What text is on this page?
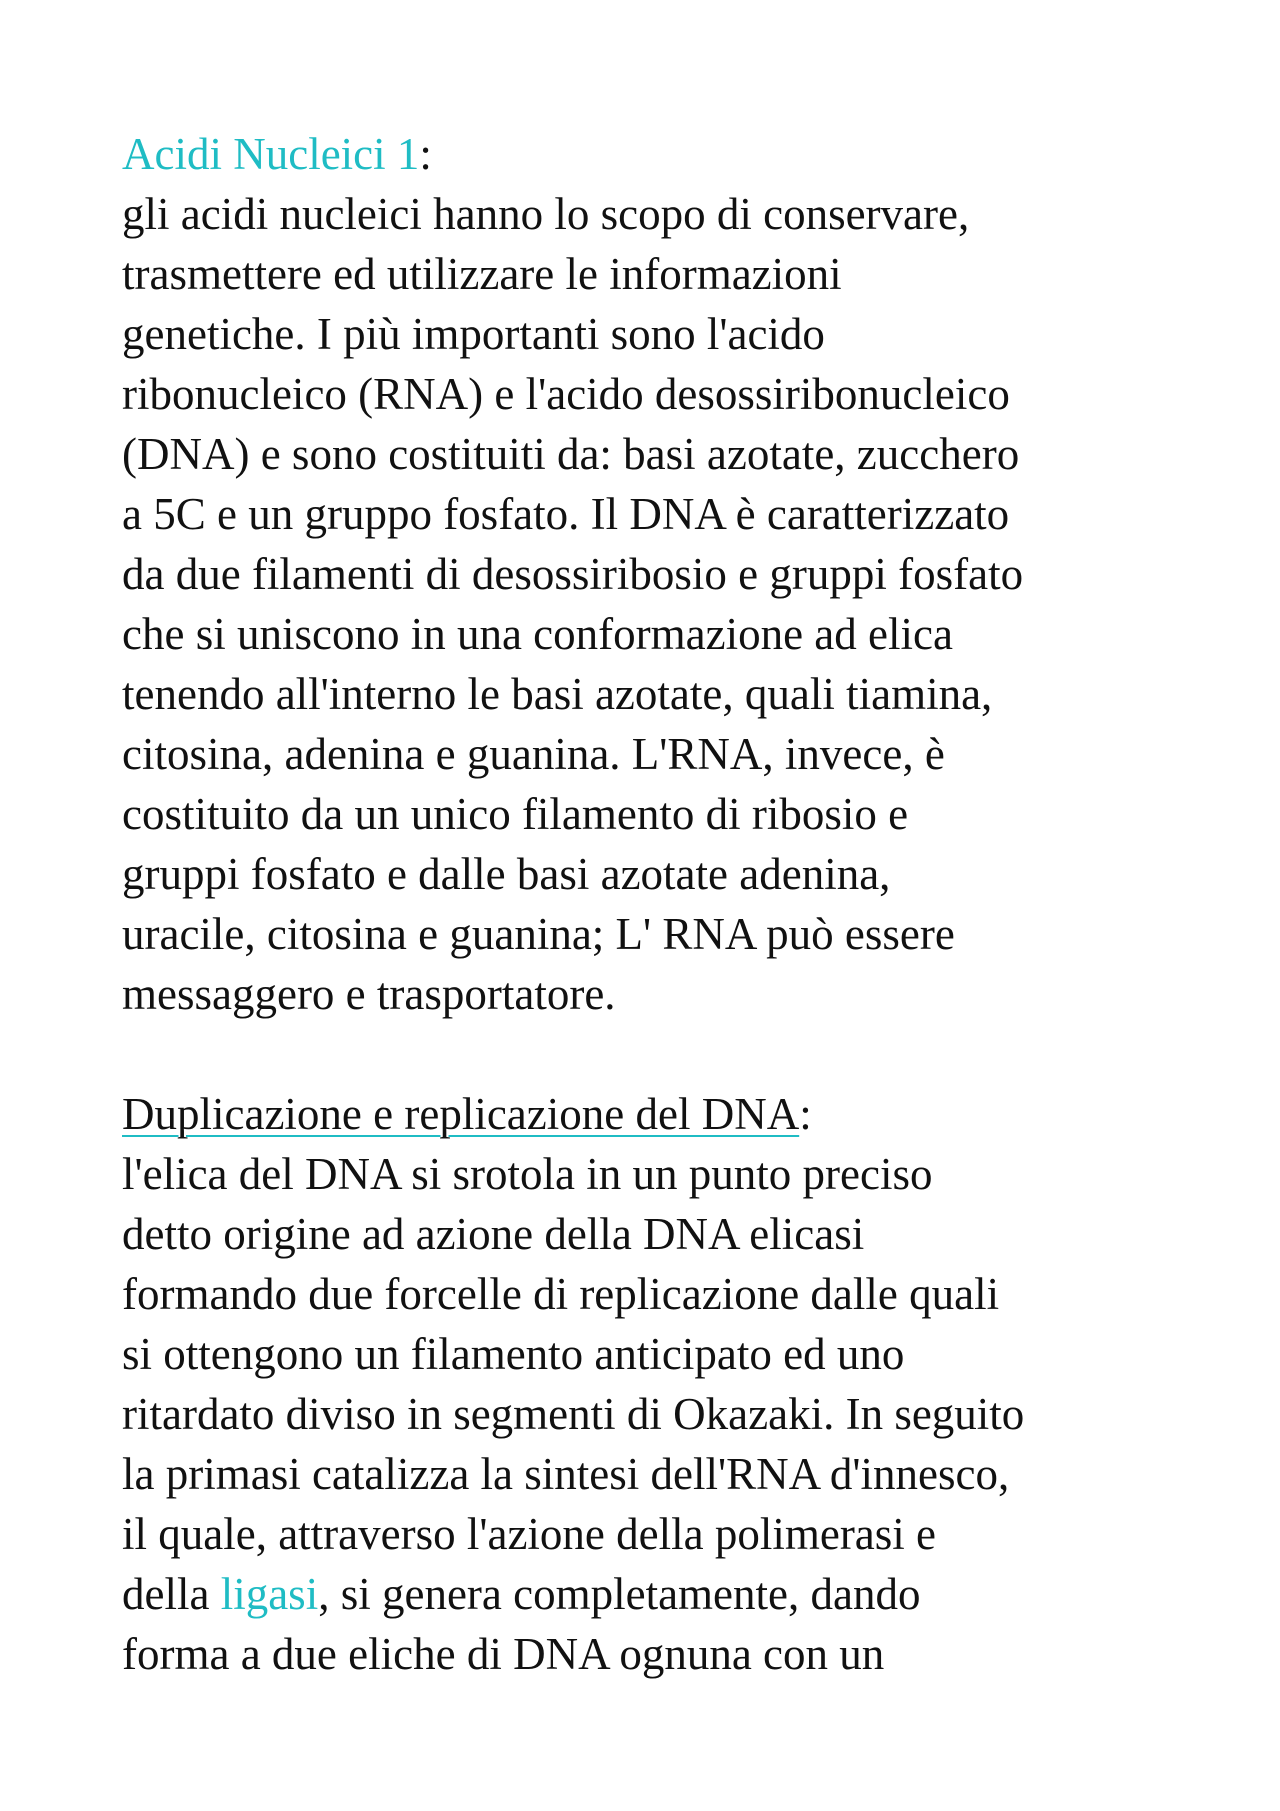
Acidi Nucleici 1:
gli acidi nucleici hanno lo scopo di conservare,
trasmettere ed utilizzare le informazioni
genetiche. I più importanti sono l'acido
ribonucleico (RNA) e l'acido desossiribonucleico
(DNA) e sono costituiti da: basi azotate, zucchero
a 5C e un gruppo fosfato. Il DNA è caratterizzato
da due filamenti di desossiribosio e gruppi fosfato
che si uniscono in una conformazione ad elica
tenendo all'interno le basi azotate, quali tiamina,
citosina, adenina e guanina. L'RNA, invece, è
costituito da un unico filamento di ribosio e
gruppi fosfato e dalle basi azotate adenina,
uracile, citosina e guanina; L' RNA può essere
messaggero e trasportatore.
Duplicazione e replicazione del DNA:
l'elica del DNA si srotola in un punto preciso
detto origine ad azione della DNA elicasi
formando due forcelle di replicazione dalle quali
si ottengono un filamento anticipato ed uno
ritardato diviso in segmenti di Okazaki. In seguito
la primasi catalizza la sintesi dell'RNA d'innesco,
il quale, attraverso l'azione della polimerasi e
della ligasi, si genera completamente, dando
forma a due eliche di DNA ognuna con un
